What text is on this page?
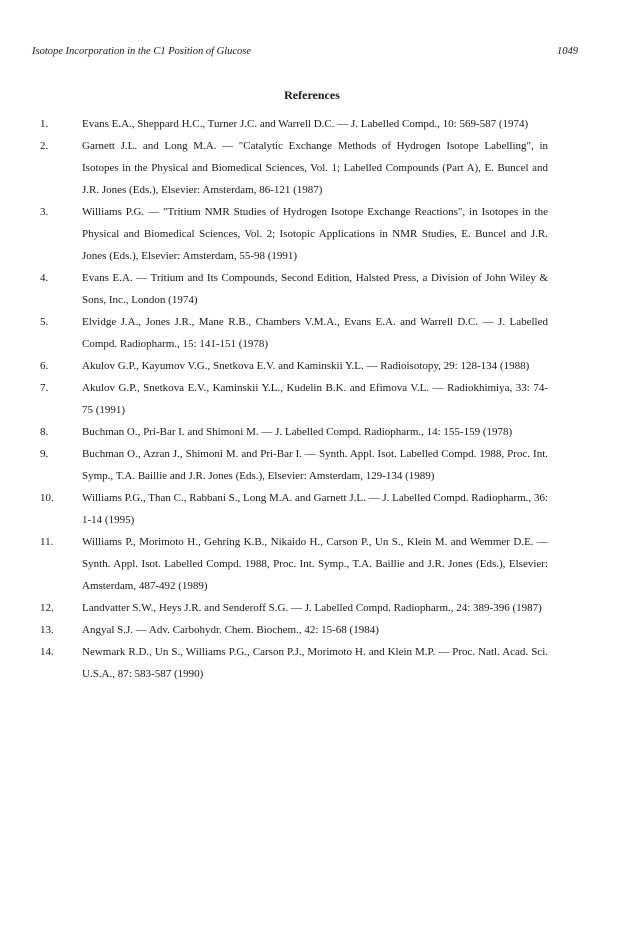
Isotope Incorporation in the C1 Position of Glucose	1049
References
1.	Evans E.A., Sheppard H.C., Turner J.C. and Warrell D.C. — J. Labelled Compd., 10: 569-587 (1974)
2.	Garnett J.L. and Long M.A. — "Catalytic Exchange Methods of Hydrogen Isotope Labelling", in Isotopes in the Physical and Biomedical Sciences, Vol. 1; Labelled Compounds (Part A), E. Buncel and J.R. Jones (Eds.), Elsevier: Amsterdam, 86-121 (1987)
3.	Williams P.G. — "Tritium NMR Studies of Hydrogen Isotope Exchange Reactions", in Isotopes in the Physical and Biomedical Sciences, Vol. 2; Isotopic Applications in NMR Studies, E. Buncel and J.R. Jones (Eds.), Elsevier: Amsterdam, 55-98 (1991)
4.	Evans E.A. — Tritium and Its Compounds, Second Edition, Halsted Press, a Division of John Wiley & Sons, Inc., London (1974)
5.	Elvidge J.A., Jones J.R., Mane R.B., Chambers V.M.A., Evans E.A. and Warrell D.C. — J. Labelled Compd. Radiopharm., 15: 141-151 (1978)
6.	Akulov G.P., Kayumov V.G., Snetkova E.V. and Kaminskii Y.L. — Radioisotopy, 29: 128-134 (1988)
7.	Akulov G.P., Snetkova E.V., Kaminskii Y.L., Kudelin B.K. and Efimova V.L. — Radiokhimiya, 33: 74-75 (1991)
8.	Buchman O., Pri-Bar I. and Shimoni M. — J. Labelled Compd. Radiopharm., 14: 155-159 (1978)
9.	Buchman O., Azran J., Shimoni M. and Pri-Bar I. — Synth. Appl. Isot. Labelled Compd. 1988, Proc. Int. Symp., T.A. Baillie and J.R. Jones (Eds.), Elsevier: Amsterdam, 129-134 (1989)
10.	Williams P.G., Than C., Rabbani S., Long M.A. and Garnett J.L. — J. Labelled Compd. Radiopharm., 36: 1-14 (1995)
11.	Williams P., Morimoto H., Gehring K.B., Nikaido H., Carson P., Un S., Klein M. and Wemmer D.E. — Synth. Appl. Isot. Labelled Compd. 1988, Proc. Int. Symp., T.A. Baillie and J.R. Jones (Eds.), Elsevier: Amsterdam, 487-492 (1989)
12.	Landvatter S.W., Heys J.R. and Senderoff S.G. — J. Labelled Compd. Radiopharm., 24: 389-396 (1987)
13.	Angyal S.J. — Adv. Carbohydr. Chem. Biochem., 42: 15-68 (1984)
14.	Newmark R.D., Un S., Williams P.G., Carson P.J., Morimoto H. and Klein M.P. — Proc. Natl. Acad. Sci. U.S.A., 87: 583-587 (1990)
